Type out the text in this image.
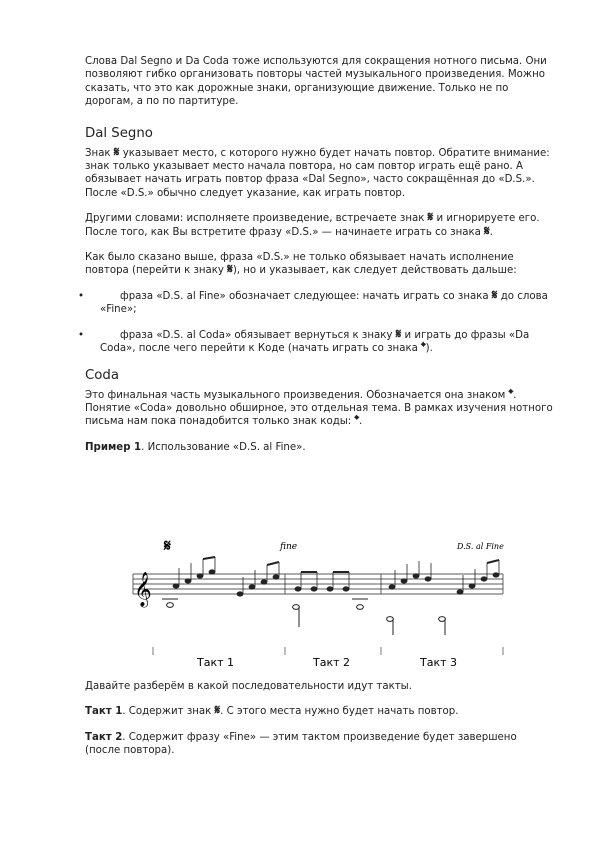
Слова Dal Segno и Da Coda тоже используются для сокращения нотного письма. Они позволяют гибко организовать повторы частей музыкального произведения. Можно сказать, что это как дорожные знаки, организующие движение. Только не по дорогам, а по по партитуре.

Dal Segno

Знак 𝄋 указывает место, с которого нужно будет начать повтор. Обратите внимание: знак только указывает место начала повтора, но сам повтор играть ещё рано. А обязывает начать играть повтор фраза «Dal Segno», часто сокращённая до «D.S.». После «D.S.» обычно следует указание, как играть повтор.

Другими словами: исполняете произведение, встречаете знак 𝄋 и игнорируете его. После того, как Вы встретите фразу «D.S.» — начинаете играть со знака 𝄋.

Как было сказано выше, фраза «D.S.» не только обязывает начать исполнение повтора (перейти к знаку 𝄋), но и указывает, как следует действовать дальше:

•	фраза «D.S. al Fine» обозначает следующее: начать играть со знака 𝄋 до слова «Fine»;
•	фраза «D.S. al Coda» обязывает вернуться к знаку 𝄋 и играть до фразы «Da Coda», после чего перейти к Коде (начать играть со знака 𝄌).
Coda

Это финальная часть музыкального произведения. Обозначается она знаком 𝄌. Понятие «Coda» довольно обширное, это отдельная тема. В рамках изучения нотного письма нам пока понадобится только знак коды: 𝄌.

Пример 1. Использование «D.S. al Fine».

𝄋	fine	D.S. al Fine
𝄞
Такт 1	Такт 2	Такт 3

Давайте разберём в какой последовательности идут такты.

Такт 1. Содержит знак 𝄋. С этого места нужно будет начать повтор.

Такт 2. Содержит фразу «Fine» — этим тактом произведение будет завершено (после повтора).
